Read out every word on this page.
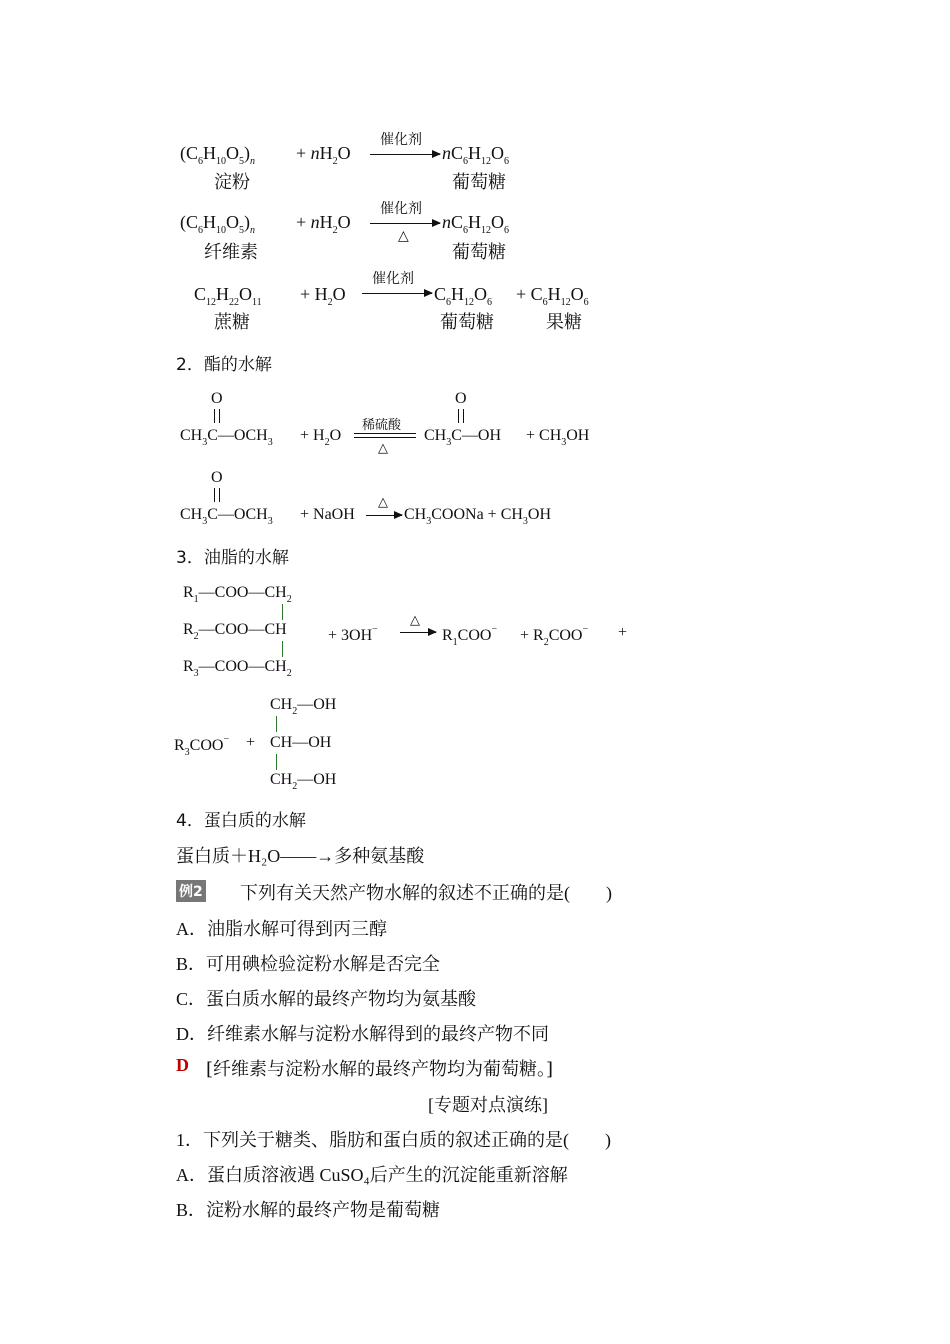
$(C_6H_{10}O_5)_n + nH_2O$
催化剂
$nC_6H_{12}O_6$
淀粉	葡萄糖
$(C_6H_{10}O_5)_n + nH_2O$
催化剂
△
$nC_6H_{12}O_6$
纤维素	葡萄糖
$C_{12}H_{22}O_{11} + H_2O$
催化剂
$C_6H_{12}O_6 + C_6H_{12}O_6$
蔗糖	葡萄糖	果糖
2．酯的水解
O
$CH_3C—OCH_3 + H_2O$
稀硫酸
△
O
$CH_3C—OH + CH_3OH$
O
$CH_3C—OCH_3$ + NaOH
△
$CH_3COONa + CH_3OH$
3．油脂的水解
$R_1—COO—CH_2$
$R_2—COO—CH$
$R_3—COO—CH_2$
+ 3OH−
△
$R_1COO^- + R_2COO^-$ +
$CH_2—OH$
$R_3COO^-$ + CH—OH
$CH_2—OH$
4．蛋白质的水解
蛋白质＋H₂O——→多种氨基酸
例2 下列有关天然产物水解的叙述不正确的是(　　)
A．油脂水解可得到丙三醇
B．可用碘检验淀粉水解是否完全
C．蛋白质水解的最终产物均为氨基酸
D．纤维素水解与淀粉水解得到的最终产物不同
D [纤维素与淀粉水解的最终产物均为葡萄糖。]
[专题对点演练]
1．下列关于糖类、脂肪和蛋白质的叙述正确的是(　　)
A．蛋白质溶液遇 CuSO₄后产生的沉淀能重新溶解
B．淀粉水解的最终产物是葡萄糖
